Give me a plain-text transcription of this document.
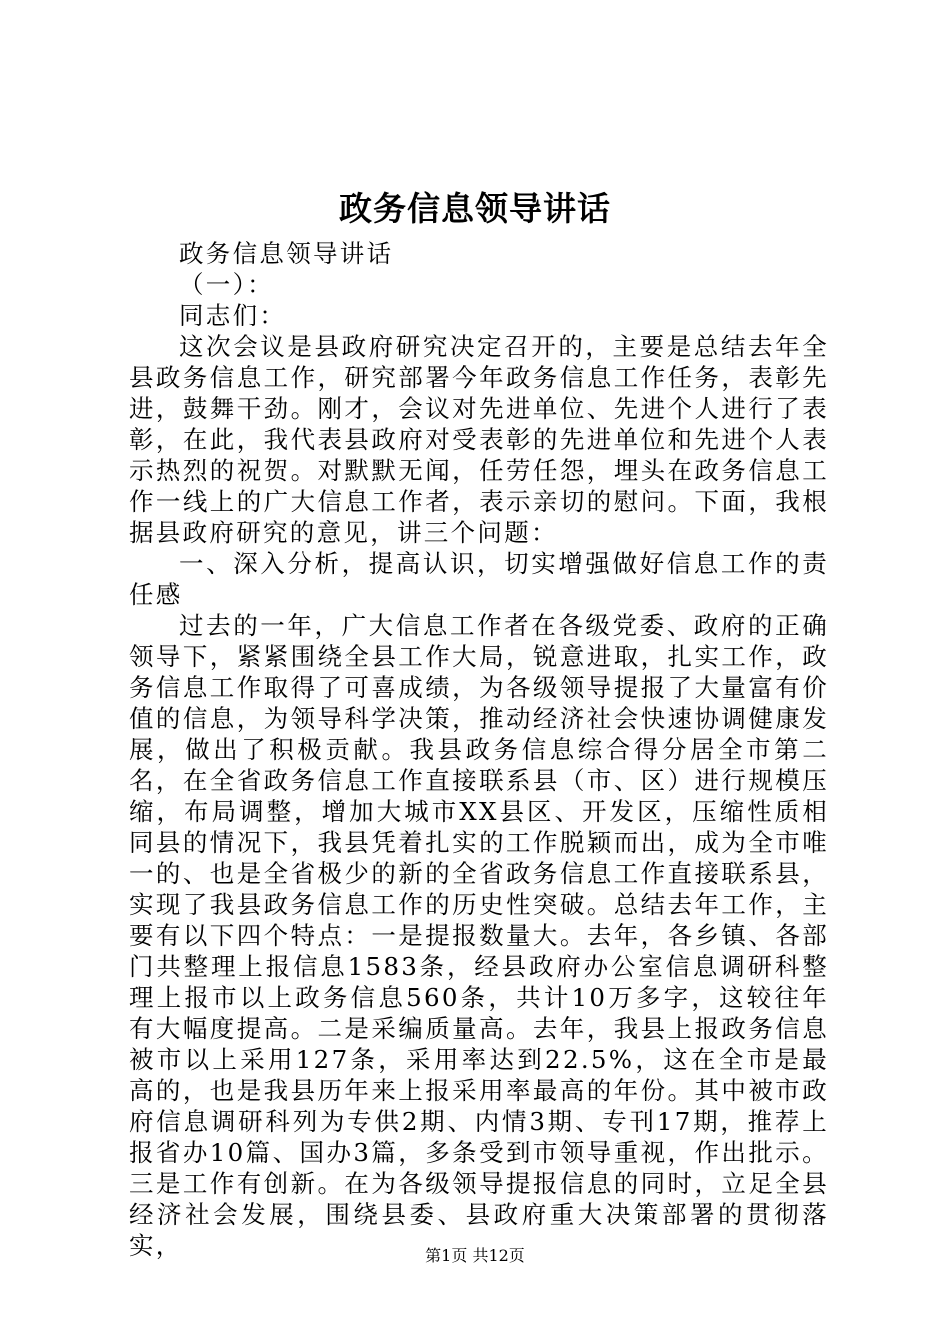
政务信息领导讲话

政务信息领导讲话

（一）：

同志们：

这次会议是县政府研究决定召开的，主要是总结去年全县政务信息工作，研究部署今年政务信息工作任务，表彰先进，鼓舞干劲。刚才，会议对先进单位、先进个人进行了表彰，在此，我代表县政府对受表彰的先进单位和先进个人表示热烈的祝贺。对默默无闻，任劳任怨，埋头在政务信息工作一线上的广大信息工作者，表示亲切的慰问。下面，我根据县政府研究的意见，讲三个问题：

一、深入分析，提高认识，切实增强做好信息工作的责任感

过去的一年，广大信息工作者在各级党委、政府的正确领导下，紧紧围绕全县工作大局，锐意进取，扎实工作，政务信息工作取得了可喜成绩，为各级领导提报了大量富有价值的信息，为领导科学决策，推动经济社会快速协调健康发展，做出了积极贡献。我县政务信息综合得分居全市第二名，在全省政务信息工作直接联系县（市、区）进行规模压缩，布局调整，增加大城市XX县区、开发区，压缩性质相同县的情况下，我县凭着扎实的工作脱颖而出，成为全市唯一的、也是全省极少的新的全省政务信息工作直接联系县，实现了我县政务信息工作的历史性突破。总结去年工作，主要有以下四个特点：一是提报数量大。去年，各乡镇、各部门共整理上报信息1583条，经县政府办公室信息调研科整理上报市以上政务信息560条，共计10万多字，这较往年有大幅度提高。二是采编质量高。去年，我县上报政务信息被市以上采用127条，采用率达到22.5%，这在全市是最高的，也是我县历年来上报采用率最高的年份。其中被市政府信息调研科列为专供2期、内情3期、专刊17期，推荐上报省办10篇、国办3篇，多条受到市领导重视，作出批示。三是工作有创新。在为各级领导提报信息的同时，立足全县经济社会发展，围绕县委、县政府重大决策部署的贯彻落实，	第1页 共12页
